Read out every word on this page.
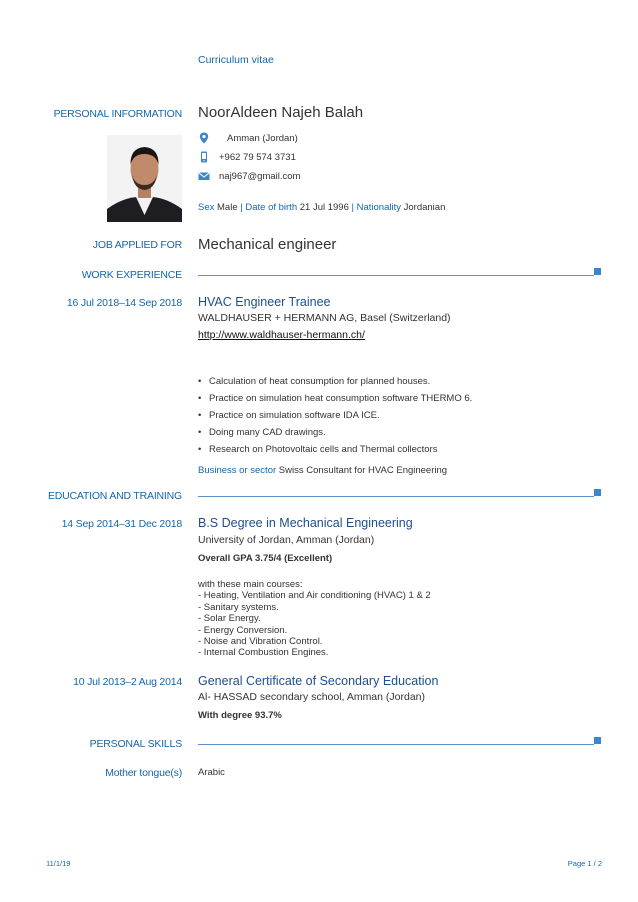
Curriculum vitae
PERSONAL INFORMATION NoorAldeen Najeh Balah
Amman (Jordan)
+962 79 574 3731
naj967@gmail.com
Sex Male | Date of birth 21 Jul 1996 | Nationality Jordanian
JOB APPLIED FOR Mechanical engineer
WORK EXPERIENCE
16 Jul 2018–14 Sep 2018 HVAC Engineer Trainee
WALDHAUSER + HERMANN AG, Basel (Switzerland)
http://www.waldhauser-hermann.ch/
• Calculation of heat consumption for planned houses.
• Practice on simulation heat consumption software THERMO 6.
• Practice on simulation software IDA ICE.
• Doing many CAD drawings.
• Research on Photovoltaic cells and Thermal collectors
Business or sector Swiss Consultant for HVAC Engineering
EDUCATION AND TRAINING
14 Sep 2014–31 Dec 2018 B.S Degree in Mechanical Engineering
University of Jordan, Amman (Jordan)
Overall GPA 3.75/4 (Excellent)
with these main courses:
- Heating, Ventilation and Air conditioning (HVAC) 1 & 2
- Sanitary systems.
- Solar Energy.
- Energy Conversion.
- Noise and Vibration Control.
- Internal Combustion Engines.
10 Jul 2013–2 Aug 2014 General Certificate of Secondary Education
Al- HASSAD secondary school, Amman (Jordan)
With degree 93.7%
PERSONAL SKILLS
Mother tongue(s) Arabic
11/1/19	Page 1 / 2
